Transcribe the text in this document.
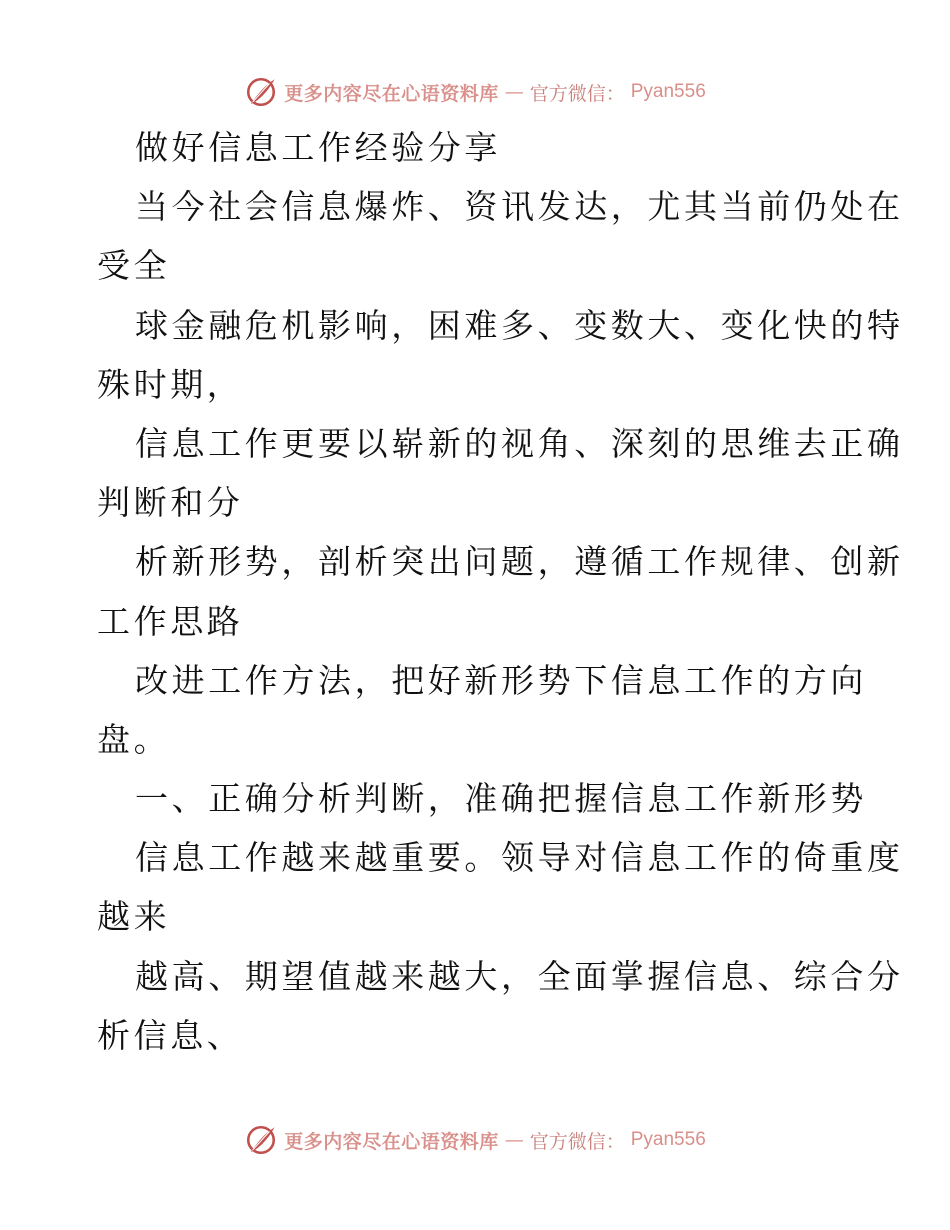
更多内容尽在心语资料库 — 官方微信： Pyan556
做好信息工作经验分享
当今社会信息爆炸、资讯发达，尤其当前仍处在
受全
球金融危机影响，困难多、变数大、变化快的特
殊时期，
信息工作更要以崭新的视角、深刻的思维去正确
判断和分
析新形势，剖析突出问题，遵循工作规律、创新
工作思路
改进工作方法，把好新形势下信息工作的方向
盘。
一、正确分析判断，准确把握信息工作新形势
信息工作越来越重要。领导对信息工作的倚重度
越来
越高、期望值越来越大，全面掌握信息、综合分
析信息、
更多内容尽在心语资料库 — 官方微信： Pyan556
